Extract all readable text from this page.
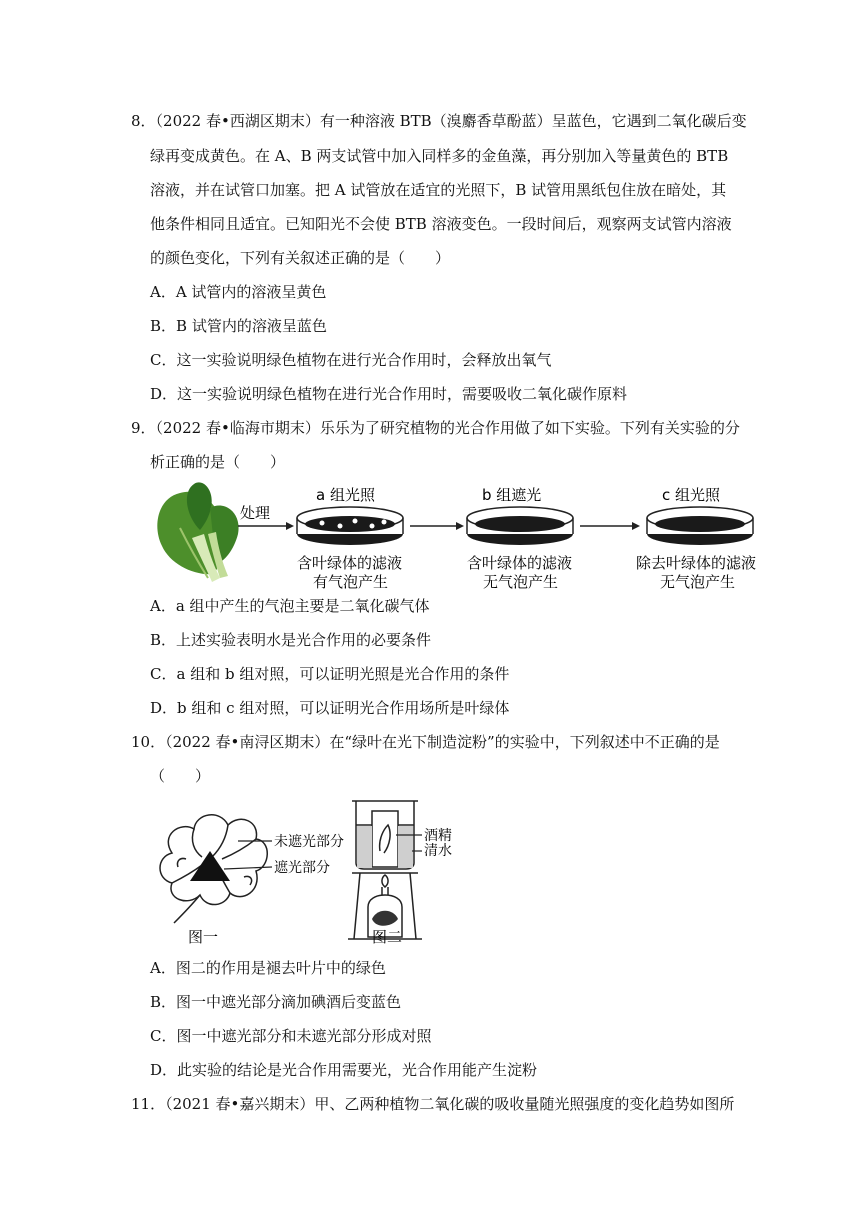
8．（2022 春•西湖区期末）有一种溶液 BTB（溴麝香草酚蓝）呈蓝色，它遇到二氧化碳后变
绿再变成黄色。在 A、B 两支试管中加入同样多的金鱼藻，再分别加入等量黄色的 BTB
溶液，并在试管口加塞。把 A 试管放在适宜的光照下，B 试管用黑纸包住放在暗处，其
他条件相同且适宜。已知阳光不会使 BTB 溶液变色。一段时间后，观察两支试管内溶液
的颜色变化，下列有关叙述正确的是（　　）
A．A 试管内的溶液呈黄色
B．B 试管内的溶液呈蓝色
C．这一实验说明绿色植物在进行光合作用时，会释放出氧气
D．这一实验说明绿色植物在进行光合作用时，需要吸收二氧化碳作原料
9．（2022 春•临海市期末）乐乐为了研究植物的光合作用做了如下实验。下列有关实验的分
析正确的是（　　）
处理
a 组光照
含叶绿体的滤液
有气泡产生
b 组遮光
含叶绿体的滤液
无气泡产生
c 组光照
除去叶绿体的滤液
无气泡产生
A．a 组中产生的气泡主要是二氧化碳气体
B．上述实验表明水是光合作用的必要条件
C．a 组和 b 组对照，可以证明光照是光合作用的条件
D．b 组和 c 组对照，可以证明光合作用场所是叶绿体
10．（2022 春•南浔区期末）在“绿叶在光下制造淀粉”的实验中，下列叙述中不正确的是
（　　）
未遮光部分
遮光部分
图一
酒精
清水
图二
A．图二的作用是褪去叶片中的绿色
B．图一中遮光部分滴加碘酒后变蓝色
C．图一中遮光部分和未遮光部分形成对照
D．此实验的结论是光合作用需要光，光合作用能产生淀粉
11．（2021 春•嘉兴期末）甲、乙两种植物二氧化碳的吸收量随光照强度的变化趋势如图所
